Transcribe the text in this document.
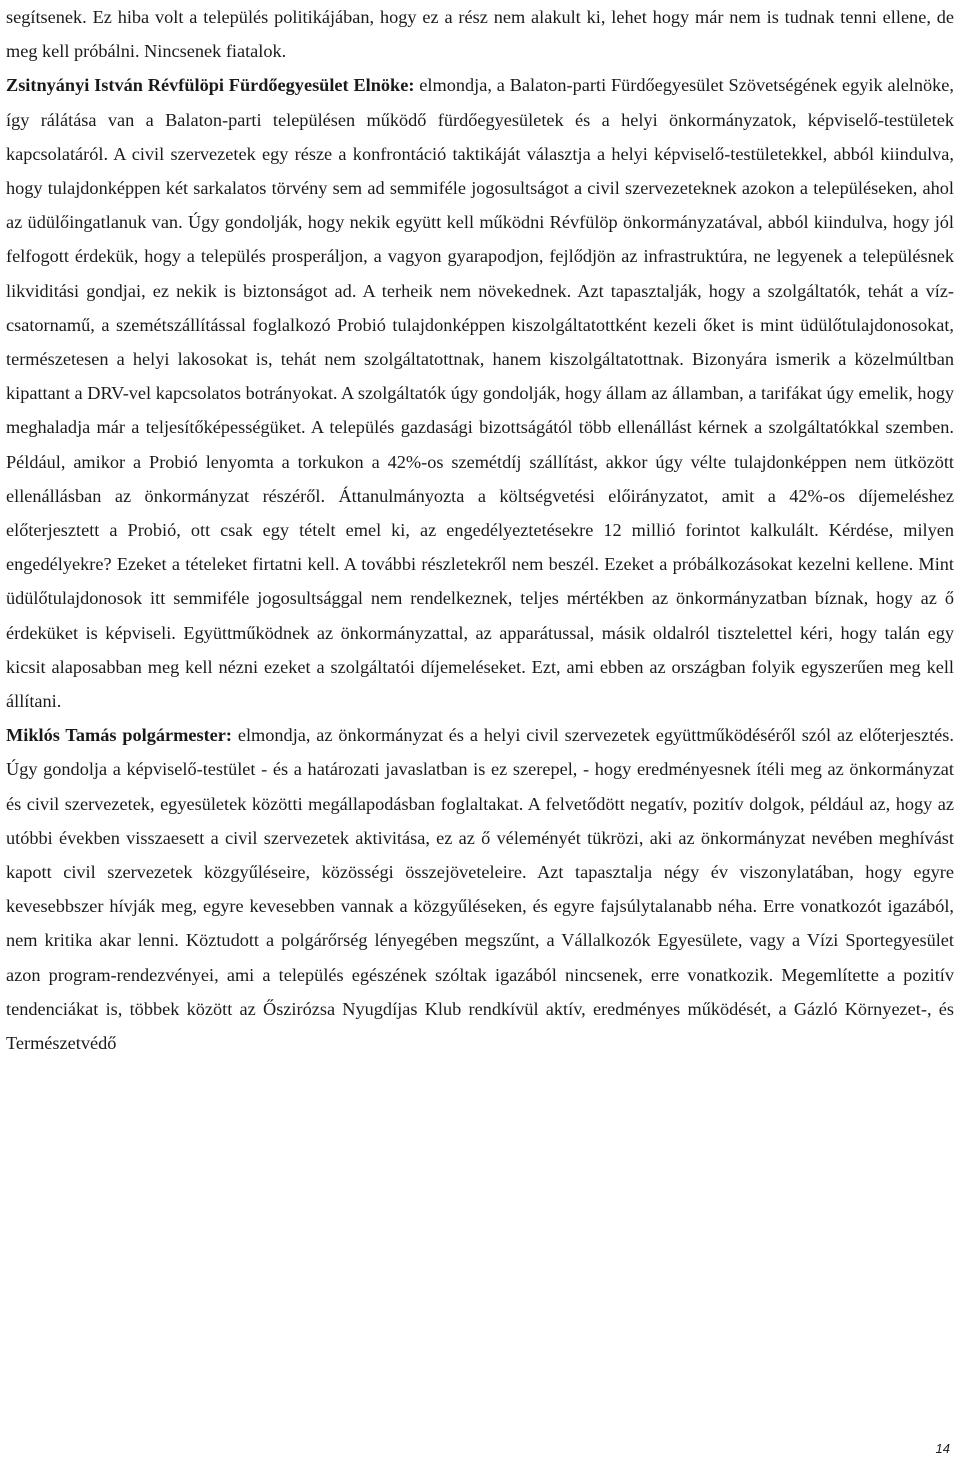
segítsenek. Ez hiba volt a település politikájában, hogy ez a rész nem alakult ki, lehet hogy már nem is tudnak tenni ellene, de meg kell próbálni. Nincsenek fiatalok.
Zsitnyányi István Révfülöpi Fürdőegyesület Elnöke: elmondja, a Balaton-parti Fürdőegyesület Szövetségének egyik alelnöke, így rálátása van a Balaton-parti településen működő fürdőegyesületek és a helyi önkormányzatok, képviselő-testületek kapcsolatáról. A civil szervezetek egy része a konfrontáció taktikáját választja a helyi képviselő-testületekkel, abból kiindulva, hogy tulajdonképpen két sarkalatos törvény sem ad semmiféle jogosultságot a civil szervezeteknek azokon a településeken, ahol az üdülőingatlanuk van. Úgy gondolják, hogy nekik együtt kell működni Révfülöp önkormányzatával, abból kiindulva, hogy jól felfogott érdekük, hogy a település prosperáljon, a vagyon gyarapodjon, fejlődjön az infrastruktúra, ne legyenek a településnek likviditási gondjai, ez nekik is biztonságot ad. A terheik nem növekednek. Azt tapasztalják, hogy a szolgáltatók, tehát a víz- csatornamű, a szemétszállítással foglalkozó Probió tulajdonképpen kiszolgáltatottként kezeli őket is mint üdülőtulajdonosokat, természetesen a helyi lakosokat is, tehát nem szolgáltatottnak, hanem kiszolgáltatottnak. Bizonyára ismerik a közelmúltban kipattant a DRV-vel kapcsolatos botrányokat. A szolgáltatók úgy gondolják, hogy állam az államban, a tarifákat úgy emelik, hogy meghaladja már a teljesítőképességüket. A település gazdasági bizottságától több ellenállást kérnek a szolgáltatókkal szemben. Például, amikor a Probió lenyomta a torkukon a 42%-os szemétdíj szállítást, akkor úgy vélte tulajdonképpen nem ütközött ellenállásban az önkormányzat részéről. Áttanulmányozta a költségvetési előirányzatot, amit a 42%-os díjemeléshez előterjesztett a Probió, ott csak egy tételt emel ki, az engedélyeztetésekre 12 millió forintot kalkulált. Kérdése, milyen engedélyekre? Ezeket a tételeket firtatni kell. A további részletekről nem beszél. Ezeket a próbálkozásokat kezelni kellene. Mint üdülőtulajdonosok itt semmiféle jogosultsággal nem rendelkeznek, teljes mértékben az önkormányzatban bíznak, hogy az ő érdeküket is képviseli. Együttműködnek az önkormányzattal, az apparátussal, másik oldalról tisztelettel kéri, hogy talán egy kicsit alaposabban meg kell nézni ezeket a szolgáltatói díjemeléseket. Ezt, ami ebben az országban folyik egyszerűen meg kell állítani.
Miklós Tamás polgármester: elmondja, az önkormányzat és a helyi civil szervezetek együttműködéséről szól az előterjesztés. Úgy gondolja a képviselő-testület - és a határozati javaslatban is ez szerepel, - hogy eredményesnek ítéli meg az önkormányzat és civil szervezetek, egyesületek közötti megállapodásban foglaltakat. A felvetődött negatív, pozitív dolgok, például az, hogy az utóbbi években visszaesett a civil szervezetek aktivitása, ez az ő véleményét tükrözi, aki az önkormányzat nevében meghívást kapott civil szervezetek közgyűléseire, közösségi összejöveteleire. Azt tapasztalja négy év viszonylatában, hogy egyre kevesebbszer hívják meg, egyre kevesebben vannak a közgyűléseken, és egyre fajsúlytalanabb néha. Erre vonatkozót igazából, nem kritika akar lenni. Köztudott a polgárőrség lényegében megszűnt, a Vállalkozók Egyesülete, vagy a Vízi Sportegyesület azon program-rendezvényei, ami a település egészének szóltak igazából nincsenek, erre vonatkozik. Megemlítette a pozitív tendenciákat is, többek között az Őszirózsa Nyugdíjas Klub rendkívül aktív, eredményes működését, a Gázló Környezet-, és Természetvédő

14
